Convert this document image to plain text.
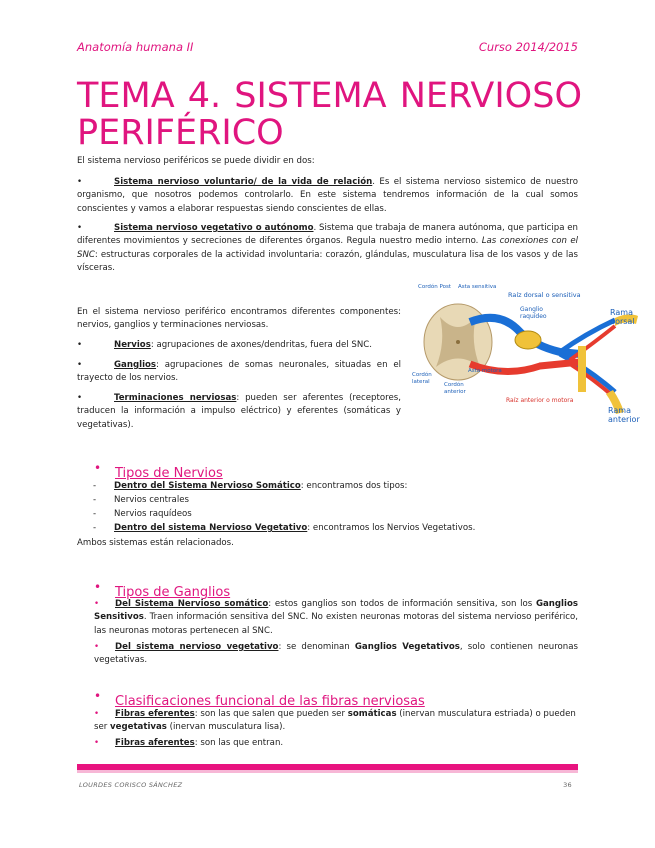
Anatomía humana II	Curso 2014/2015
TEMA 4. SISTEMA NERVIOSO
PERIFÉRICO
El sistema nervioso periféricos se puede dividir en dos:
•	Sistema nervioso voluntario/ de la vida de relación. Es el sistema nervioso sistemico de nuestro organismo, que nosotros podemos controlarlo. En este sistema tendremos información de la cual somos conscientes y vamos a elaborar respuestas siendo conscientes de ellas.
•	Sistema nervioso vegetativo o autónomo. Sistema que trabaja de manera autónoma, que participa en diferentes movimientos y secreciones de diferentes órganos. Regula nuestro medio interno. Las conexiones con el SNC: estructuras corporales de la actividad involuntaria: corazón, glándulas, musculatura lisa de los vasos y de las vísceras.
En el sistema nervioso periférico encontramos diferentes componentes: nervios, ganglios y terminaciones nerviosas.
•	Nervios: agrupaciones de axones/dendritas, fuera del SNC.
•	Ganglios: agrupaciones de somas neuronales, situadas en el trayecto de los nervios.
•	Terminaciones nerviosas: pueden ser aferentes (receptores, traducen la información a impulso eléctrico) y eferentes (somáticas y vegetativas).
Cordón Post Asta sensitiva
Raíz dorsal o sensitiva
Ganglio raquídeo	Rama dorsal
Cordón lateral
Asta motora
Cordón anterior
Raíz anterior o motora
Rama anterior
• Tipos de Nervios
- Dentro del Sistema Nervioso Somático: encontramos dos tipos:
- Nervios centrales
- Nervios raquídeos
- Dentro del sistema Nervioso Vegetativo: encontramos los Nervios Vegetativos.
Ambos sistemas están relacionados.
• Tipos de Ganglios
• Del Sistema Nervioso somático: estos ganglios son todos de información sensitiva, son los Ganglios Sensitivos. Traen información sensitiva del SNC. No existen neuronas motoras del sistema nervioso periférico, las neuronas motoras pertenecen al SNC.
• Del sistema nervioso vegetativo: se denominan Ganglios Vegetativos, solo contienen neuronas vegetativas.
• Clasificaciones funcional de las fibras nerviosas
• Fibras eferentes: son las que salen que pueden ser somáticas (inervan musculatura estriada) o pueden ser vegetativas (inervan musculatura lisa).
• Fibras aferentes: son las que entran.
LOURDES CORISCO SÁNCHEZ	36
